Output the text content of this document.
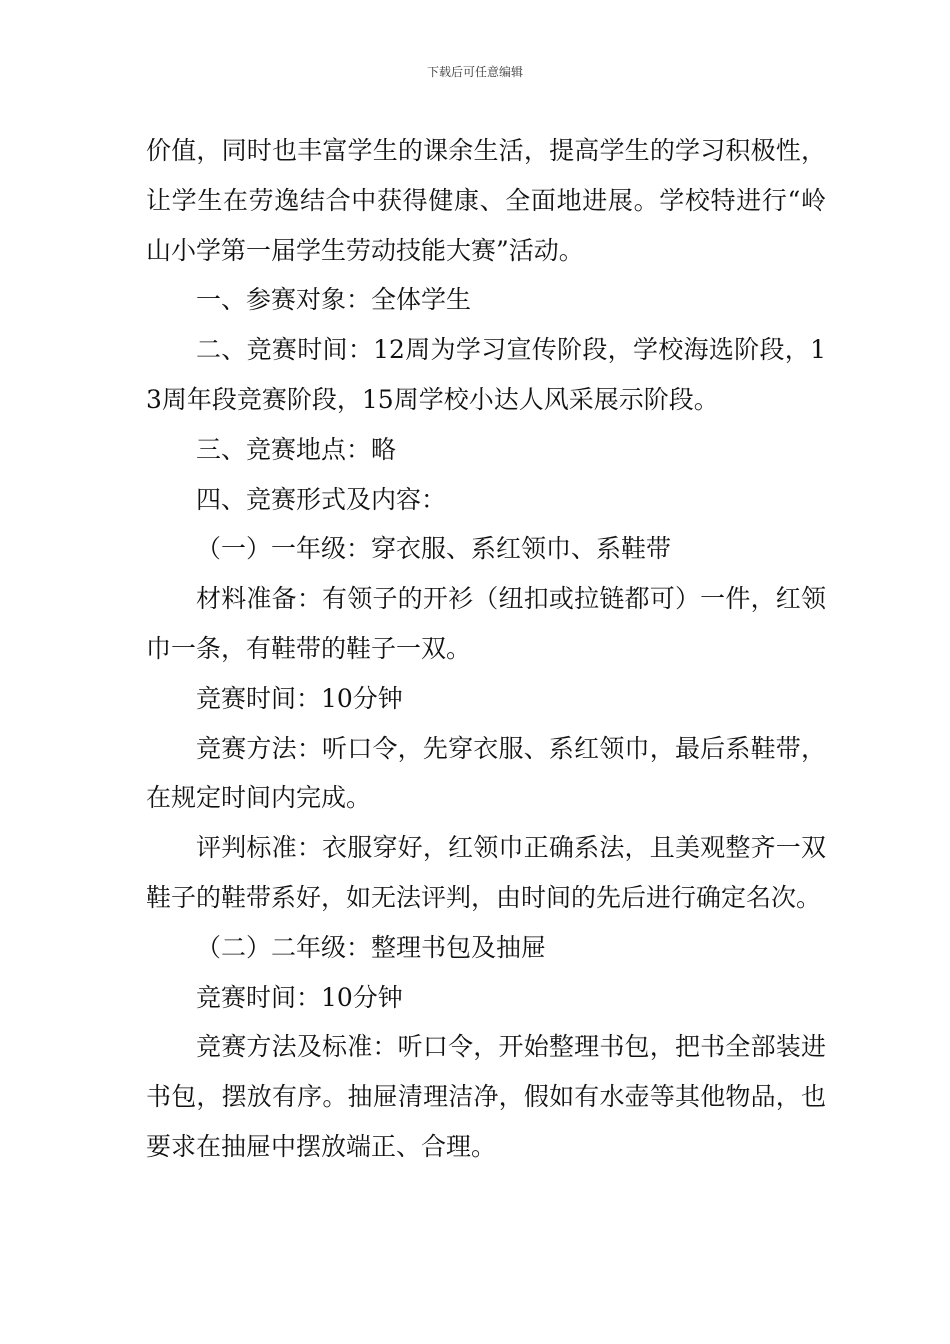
下载后可任意编辑

价值，同时也丰富学生的课余生活，提高学生的学习积极性，让学生在劳逸结合中获得健康、全面地进展。学校特进行“岭山小学第一届学生劳动技能大赛”活动。

一、参赛对象：全体学生

二、竞赛时间：12周为学习宣传阶段，学校海选阶段，13周年段竞赛阶段，15周学校小达人风采展示阶段。

三、竞赛地点：略

四、竞赛形式及内容：

（一）一年级：穿衣服、系红领巾、系鞋带

材料准备：有领子的开衫（纽扣或拉链都可）一件，红领巾一条，有鞋带的鞋子一双。

竞赛时间：10分钟

竞赛方法：听口令，先穿衣服、系红领巾，最后系鞋带，在规定时间内完成。

评判标准：衣服穿好，红领巾正确系法，且美观整齐一双鞋子的鞋带系好，如无法评判，由时间的先后进行确定名次。

（二）二年级：整理书包及抽屉

竞赛时间：10分钟

竞赛方法及标准：听口令，开始整理书包，把书全部装进书包，摆放有序。抽屉清理洁净，假如有水壶等其他物品，也要求在抽屉中摆放端正、合理。
